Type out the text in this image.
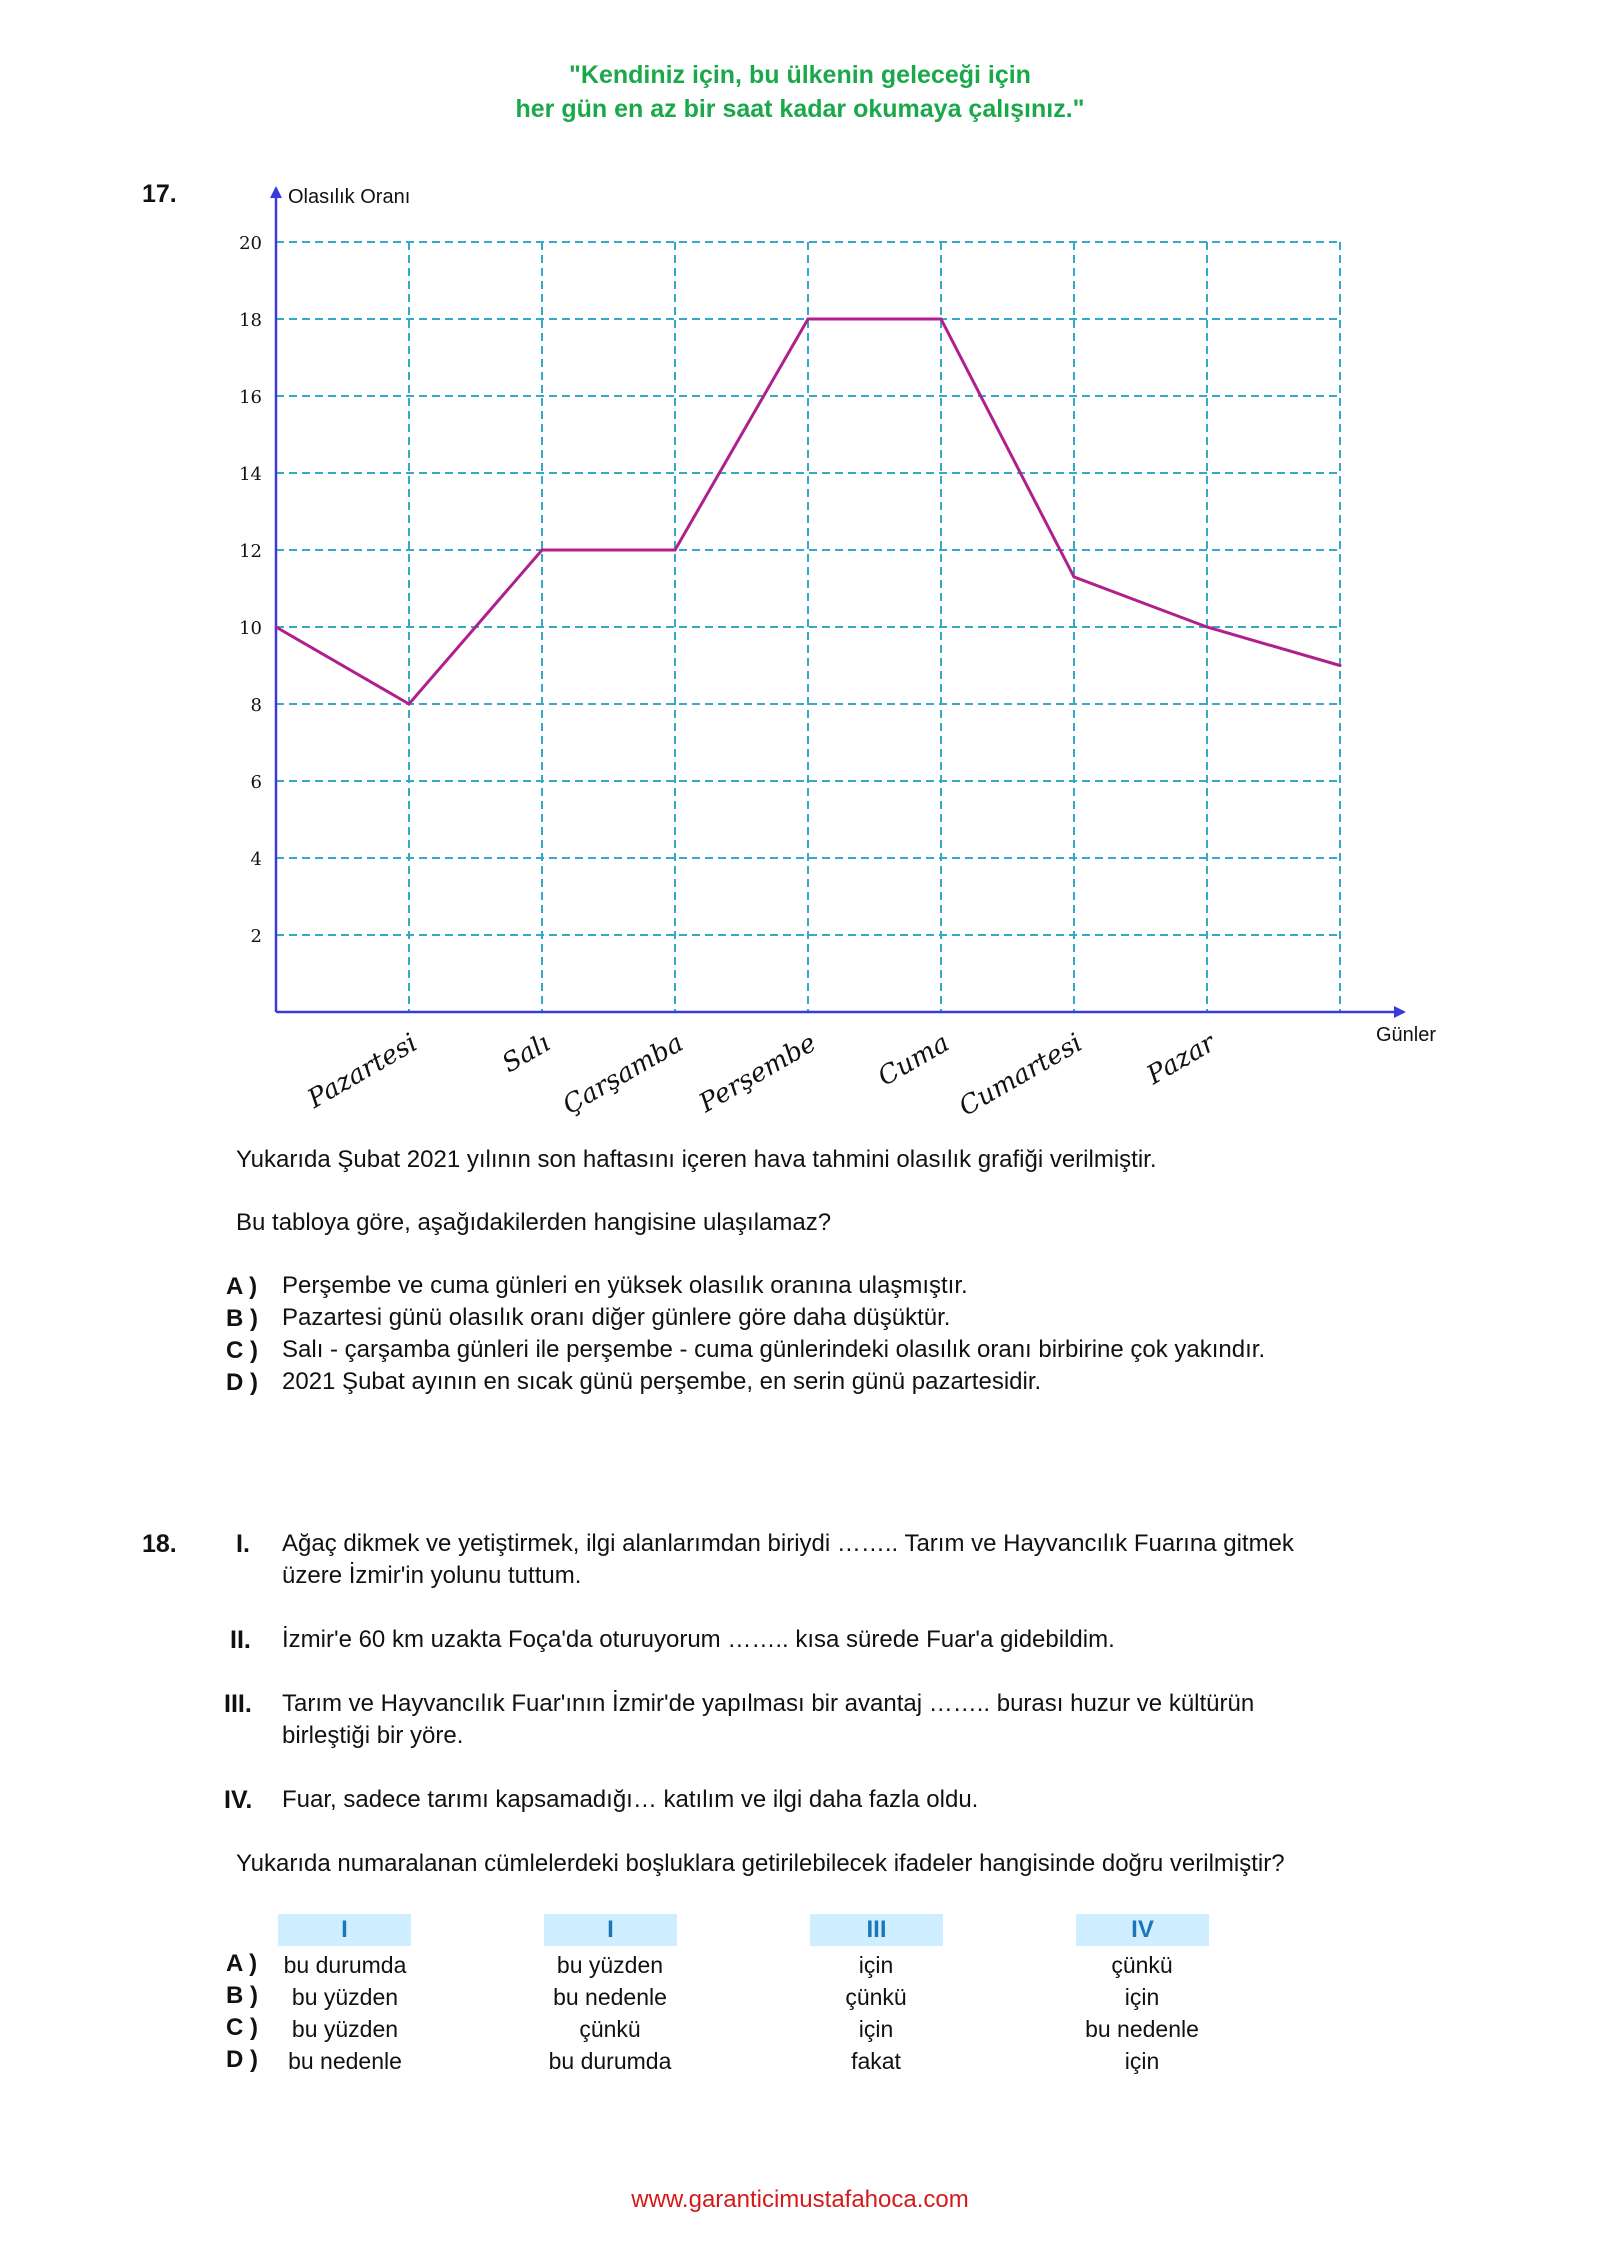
"Kendiniz için, bu ülkenin geleceği için
her gün en az bir saat kadar okumaya çalışınız."
17.
2
4
6
8
10
12
14
16
18
20
Olasılık Oranı
Günler
Pazartesi	Salı Çarşamba Perşembe Cuma Cumartesi Pazar
Yukarıda Şubat 2021 yılının son haftasını içeren hava tahmini olasılık grafiği verilmiştir.
Bu tabloya göre, aşağıdakilerden hangisine ulaşılamaz?
A ) Perşembe ve cuma günleri en yüksek olasılık oranına ulaşmıştır.
B ) Pazartesi günü olasılık oranı diğer günlere göre daha düşüktür.
C ) Salı - çarşamba günleri ile perşembe - cuma günlerindeki olasılık oranı birbirine çok yakındır.
D ) 2021 Şubat ayının en sıcak günü perşembe, en serin günü pazartesidir.
18. I. Ağaç dikmek ve yetiştirmek, ilgi alanlarımdan biriydi …….. Tarım ve Hayvancılık Fuarına gitmek
üzere İzmir'in yolunu tuttum.
II. İzmir'e 60 km uzakta Foça'da oturuyorum …….. kısa sürede Fuar'a gidebildim.
III. Tarım ve Hayvancılık Fuar'ının İzmir'de yapılması bir avantaj …….. burası huzur ve kültürün
birleştiği bir yöre.
IV. Fuar, sadece tarımı kapsamadığı… katılım ve ilgi daha fazla oldu.
Yukarıda numaralanan cümlelerdeki boşluklara getirilebilecek ifadeler hangisinde doğru verilmiştir?
I	I	III	IV
A )	bu durumda	bu yüzden	için	çünkü
B )	bu yüzden	bu nedenle	çünkü	için
C )	bu yüzden	çünkü	için	bu nedenle
D )	bu nedenle	bu durumda	fakat	için
www.garanticimustafahoca.com
